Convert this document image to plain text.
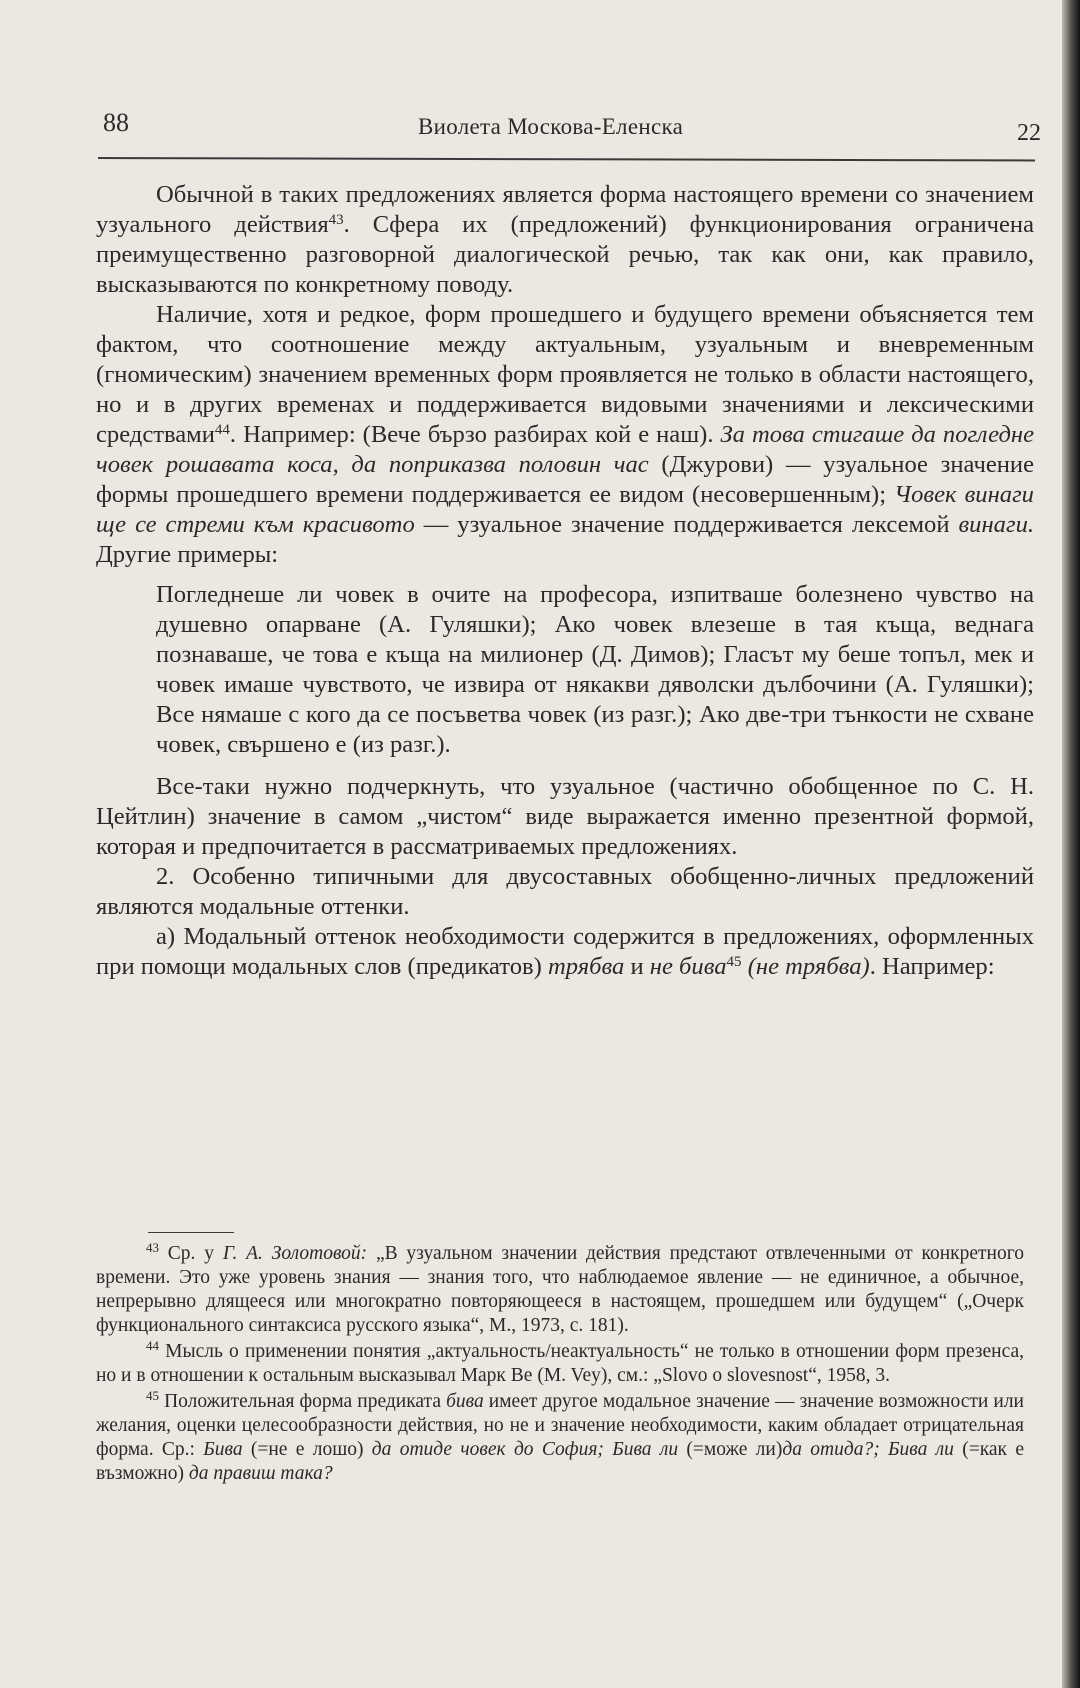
88	Виолета Москова-Еленска	22

Обычной в таких предложениях является форма настоящего времени со значением узуального действия$^{43}$. Сфера их (предложений) функционирования ограничена преимущественно разговорной диалогической речью, так как они, как правило, высказываются по конкретному поводу.

Наличие, хотя и редкое, форм прошедшего и будущего времени объясняется тем фактом, что соотношение между актуальным, узуальным и вневременным (гномическим) значением временных форм проявляется не только в области настоящего, но и в других временах и поддерживается видовыми значениями и лексическими средствами$^{44}$. Например: (Вече бързо разбирах кой е наш). За това стигаше да погледне човек рошавата коса, да поприказва половин час (Джурови) — узуальное значение формы прошедшего времени поддерживается ее видом (несовершенным); Човек винаги ще се стреми към красивото — узуальное значение поддерживается лексемой винаги. Другие примеры:

Погледнеше ли човек в очите на професора, изпитваше болезнено чувство на душевно опарване (А. Гуляшки); Ако човек влезеше в тая къща, веднага познаваше, че това е къща на милионер (Д. Димов); Гласът му беше топъл, мек и човек имаше чувството, че извира от някакви дяволски дълбочини (А. Гуляшки); Все нямаше с кого да се посъветва човек (из разг.); Ако две-три тънкости не схване човек, свършено е (из разг.).

Все-таки нужно подчеркнуть, что узуальное (частично обобщенное по С. Н. Цейтлин) значение в самом „чистом“ виде выражается именно презентной формой, которая и предпочитается в рассматриваемых предложениях.

2. Особенно типичными для двусоставных обобщенно-личных предложений являются модальные оттенки.

а) Модальный оттенок необходимости содержится в предложениях, оформленных при помощи модальных слов (предикатов) трябва и не бива$^{45}$ (не трябва). Например:

$^{43}$ Ср. у Г. А. Золотовой: „В узуальном значении действия предстают отвлеченными от конкретного времени. Это уже уровень знания — знания того, что наблюдаемое явление — не единичное, а обычное, непрерывно длящееся или многократно повторяющееся в настоящем, прошедшем или будущем“ („Очерк функционального синтаксиса русского языка“, М., 1973, с. 181).

$^{44}$ Мысль о применении понятия „актуальность/неактуальность“ не только в отношении форм презенса, но и в отношении к остальным высказывал Марк Ве (M. Vey), см.: „Slovo o slovesnost“, 1958, 3.

$^{45}$ Положительная форма предиката бива имеет другое модальное значение — значение возможности или желания, оценки целесообразности действия, но не и значение необходимости, каким обладает отрицательная форма. Ср.: Бива (=не е лошо) да отиде човек до София; Бива ли (=може ли)да отида?; Бива ли (=как е възможно) да правиш така?
